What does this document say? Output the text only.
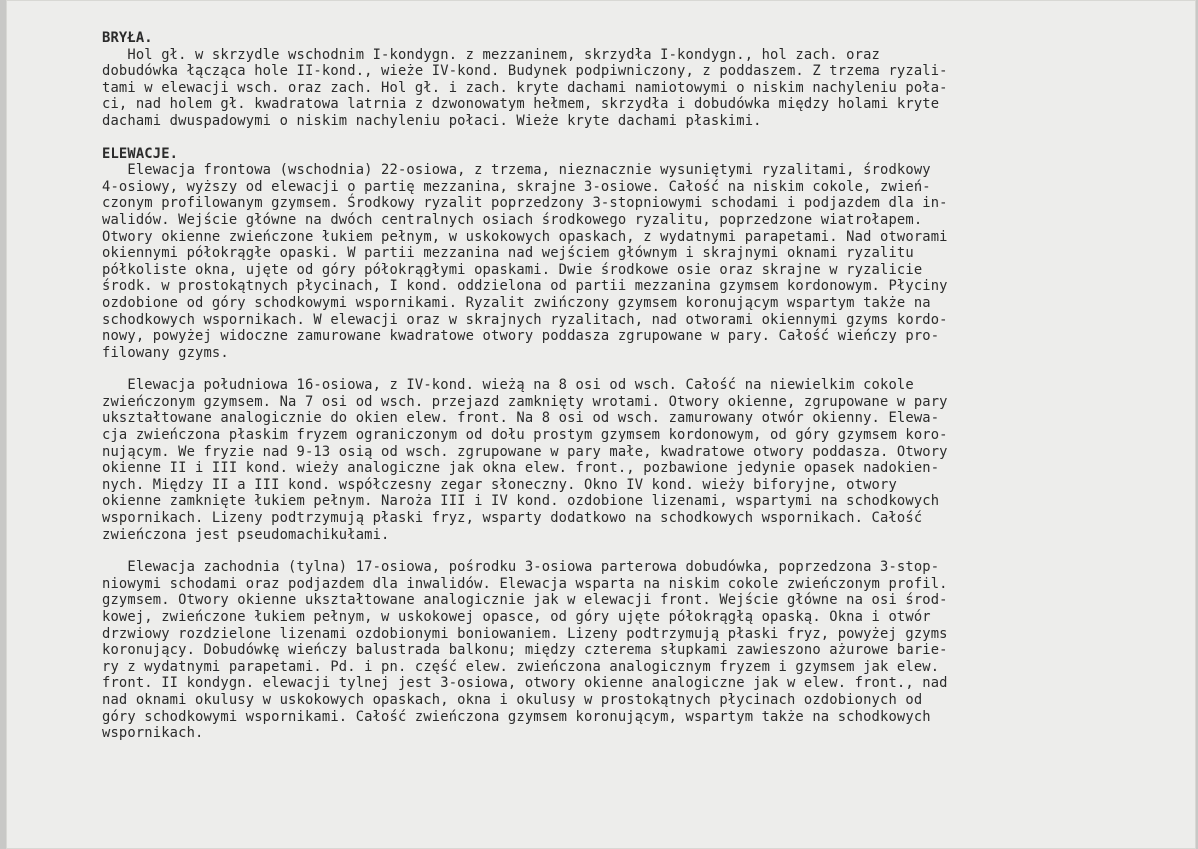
BRYŁA.
Hol gł. w skrzydle wschodnim I-kondygn. z mezzaninem, skrzydła I-kondygn., hol zach. oraz
dobudówka łącząca hole II-kond., wieże IV-kond. Budynek podpiwniczony, z poddaszem. Z trzema ryzali-
tami w elewacji wsch. oraz zach. Hol gł. i zach. kryte dachami namiotowymi o niskim nachyleniu poła-
ci, nad holem gł. kwadratowa latrnia z dzwonowatym hełmem, skrzydła i dobudówka między holami kryte
dachami dwuspadowymi o niskim nachyleniu połaci. Wieże kryte dachami płaskimi.
ELEWACJE.
Elewacja frontowa (wschodnia) 22-osiowa, z trzema, nieznacznie wysuniętymi ryzalitami, środkowy
4-osiowy, wyższy od elewacji o partię mezzanina, skrajne 3-osiowe. Całość na niskim cokole, zwień-
czonym profilowanym gzymsem. Środkowy ryzalit poprzedzony 3-stopniowymi schodami i podjazdem dla in-
walidów. Wejście główne na dwóch centralnych osiach środkowego ryzalitu, poprzedzone wiatrołapem.
Otwory okienne zwieńczone łukiem pełnym, w uskokowych opaskach, z wydatnymi parapetami. Nad otworami
okiennymi półokrągłe opaski. W partii mezzanina nad wejściem głównym i skrajnymi oknami ryzalitu
półkoliste okna, ujęte od góry półokrągłymi opaskami. Dwie środkowe osie oraz skrajne w ryzalicie
środk. w prostokątnych płycinach, I kond. oddzielona od partii mezzanina gzymsem kordonowym. Płyciny
ozdobione od góry schodkowymi wspornikami. Ryzalit zwińczony gzymsem koronującym wspartym także na
schodkowych wspornikach. W elewacji oraz w skrajnych ryzalitach, nad otworami okiennymi gzyms kordo-
nowy, powyżej widoczne zamurowane kwadratowe otwory poddasza zgrupowane w pary. Całość wieńczy pro-
filowany gzyms.
Elewacja południowa 16-osiowa, z IV-kond. wieżą na 8 osi od wsch. Całość na niewielkim cokole
zwieńczonym gzymsem. Na 7 osi od wsch. przejazd zamknięty wrotami. Otwory okienne, zgrupowane w pary
ukształtowane analogicznie do okien elew. front. Na 8 osi od wsch. zamurowany otwór okienny. Elewa-
cja zwieńczona płaskim fryzem ograniczonym od dołu prostym gzymsem kordonowym, od góry gzymsem koro-
nującym. We fryzie nad 9-13 osią od wsch. zgrupowane w pary małe, kwadratowe otwory poddasza. Otwory
okienne II i III kond. wieży analogiczne jak okna elew. front., pozbawione jedynie opasek nadokien-
nych. Między II a III kond. współczesny zegar słoneczny. Okno IV kond. wieży biforyjne, otwory
okienne zamknięte łukiem pełnym. Naroża III i IV kond. ozdobione lizenami, wspartymi na schodkowych
wspornikach. Lizeny podtrzymują płaski fryz, wsparty dodatkowo na schodkowych wspornikach. Całość
zwieńczona jest pseudomachikułami.
Elewacja zachodnia (tylna) 17-osiowa, pośrodku 3-osiowa parterowa dobudówka, poprzedzona 3-stop-
niowymi schodami oraz podjazdem dla inwalidów. Elewacja wsparta na niskim cokole zwieńczonym profil.
gzymsem. Otwory okienne ukształtowane analogicznie jak w elewacji front. Wejście główne na osi środ-
kowej, zwieńczone łukiem pełnym, w uskokowej opasce, od góry ujęte półokrągłą opaską. Okna i otwór
drzwiowy rozdzielone lizenami ozdobionymi boniowaniem. Lizeny podtrzymują płaski fryz, powyżej gzyms
koronujący. Dobudówkę wieńczy balustrada balkonu; między czterema słupkami zawieszono ażurowe barie-
ry z wydatnymi parapetami. Pd. i pn. część elew. zwieńczona analogicznym fryzem i gzymsem jak elew.
front. II kondygn. elewacji tylnej jest 3-osiowa, otwory okienne analogiczne jak w elew. front., nad
nad oknami okulusy w uskokowych opaskach, okna i okulusy w prostokątnych płycinach ozdobionych od
góry schodkowymi wspornikami. Całość zwieńczona gzymsem koronującym, wspartym także na schodkowych
wspornikach.
